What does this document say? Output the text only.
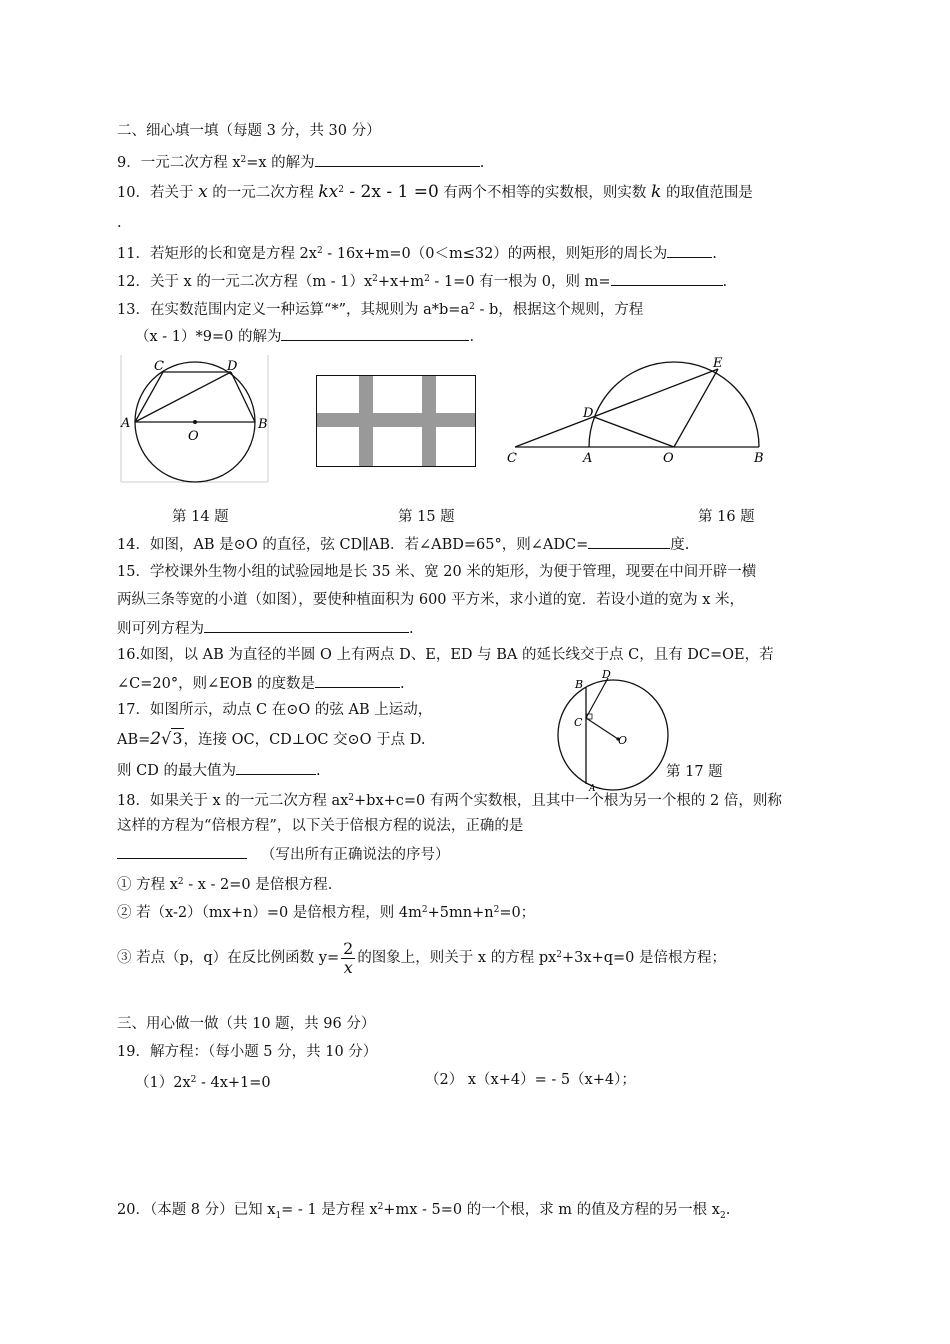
二、细心填一填（每题 3 分，共 30 分）
9．一元二次方程 $x^2=x$ 的解为	.
10．若关于 x 的一元二次方程 $kx^2 - 2x - 1 =0$ 有两个不相等的实数根，则实数 k 的取值范围是
.
11．若矩形的长和宽是方程 $2x^2 - 16x+m=0(0<m\le 32)$的两根，则矩形的周长为	.
12．关于 x 的一元二次方程$(m - 1)x^2+x+m^2 - 1=0$ 有一根为 0，则 m=	.
13．在实数范围内定义一种运算“*”，其规则为 $a*b=a^2 - b$，根据这个规则，方程
（x - 1）*9=0 的解为	.
C	D
A	B
O
C	A	O	B
D
E
第 14 题	第 15 题	第 16 题
14．如图，AB 是⊙O 的直径，弦 CD∥AB．若∠ABD=65°，则∠ADC=	度.
15．学校课外生物小组的试验园地是长 35 米、宽 20 米的矩形，为便于管理，现要在中间开辟一横
两纵三条等宽的小道（如图），要使种植面积为 600 平方米，求小道的宽．若设小道的宽为 x 米，
则可列方程为	.
16.如图，以 AB 为直径的半圆 O 上有两点 D、E，ED 与 BA 的延长线交于点 C，且有 DC=OE，若
∠C=20°，则∠EOB 的度数是	.	B
D
C
O
A
第 17 题
17．如图所示，动点 C 在⊙O 的弦 AB 上运动，
AB=2√3，连接 OC，CD⊥OC 交⊙O 于点 D.
则 CD 的最大值为	.
18．如果关于 x 的一元二次方程 $ax^2+bx+c=0$ 有两个实数根，且其中一个根为另一个根的 2 倍，则称
这样的方程为“倍根方程”，以下关于倍根方程的说法，正确的是
（写出所有正确说法的序号）
① 方程 $x^2 - x - 2=0$ 是倍根方程.
② 若（x-2）（mx+n）=0 是倍根方程，则 $4m^2+5mn+n^2=0$；
③ 若点（p，q）在反比例函数 $y= \frac{2}{x}$ 的图象上，则关于 x 的方程 $px^2+3x+q=0$ 是倍根方程；
三、用心做一做（共 10 题，共 96 分）
19．解方程：（每小题 5 分，共 10 分）
$(1)2x^2 - 4x+1=0$	（2） x（x+4）= - 5（x+4）；
20．（本题 8 分）已知 $x_1= - 1$ 是方程 $x^2+mx - 5=0$ 的一个根，求 m 的值及方程的另一根 $x_2$.
